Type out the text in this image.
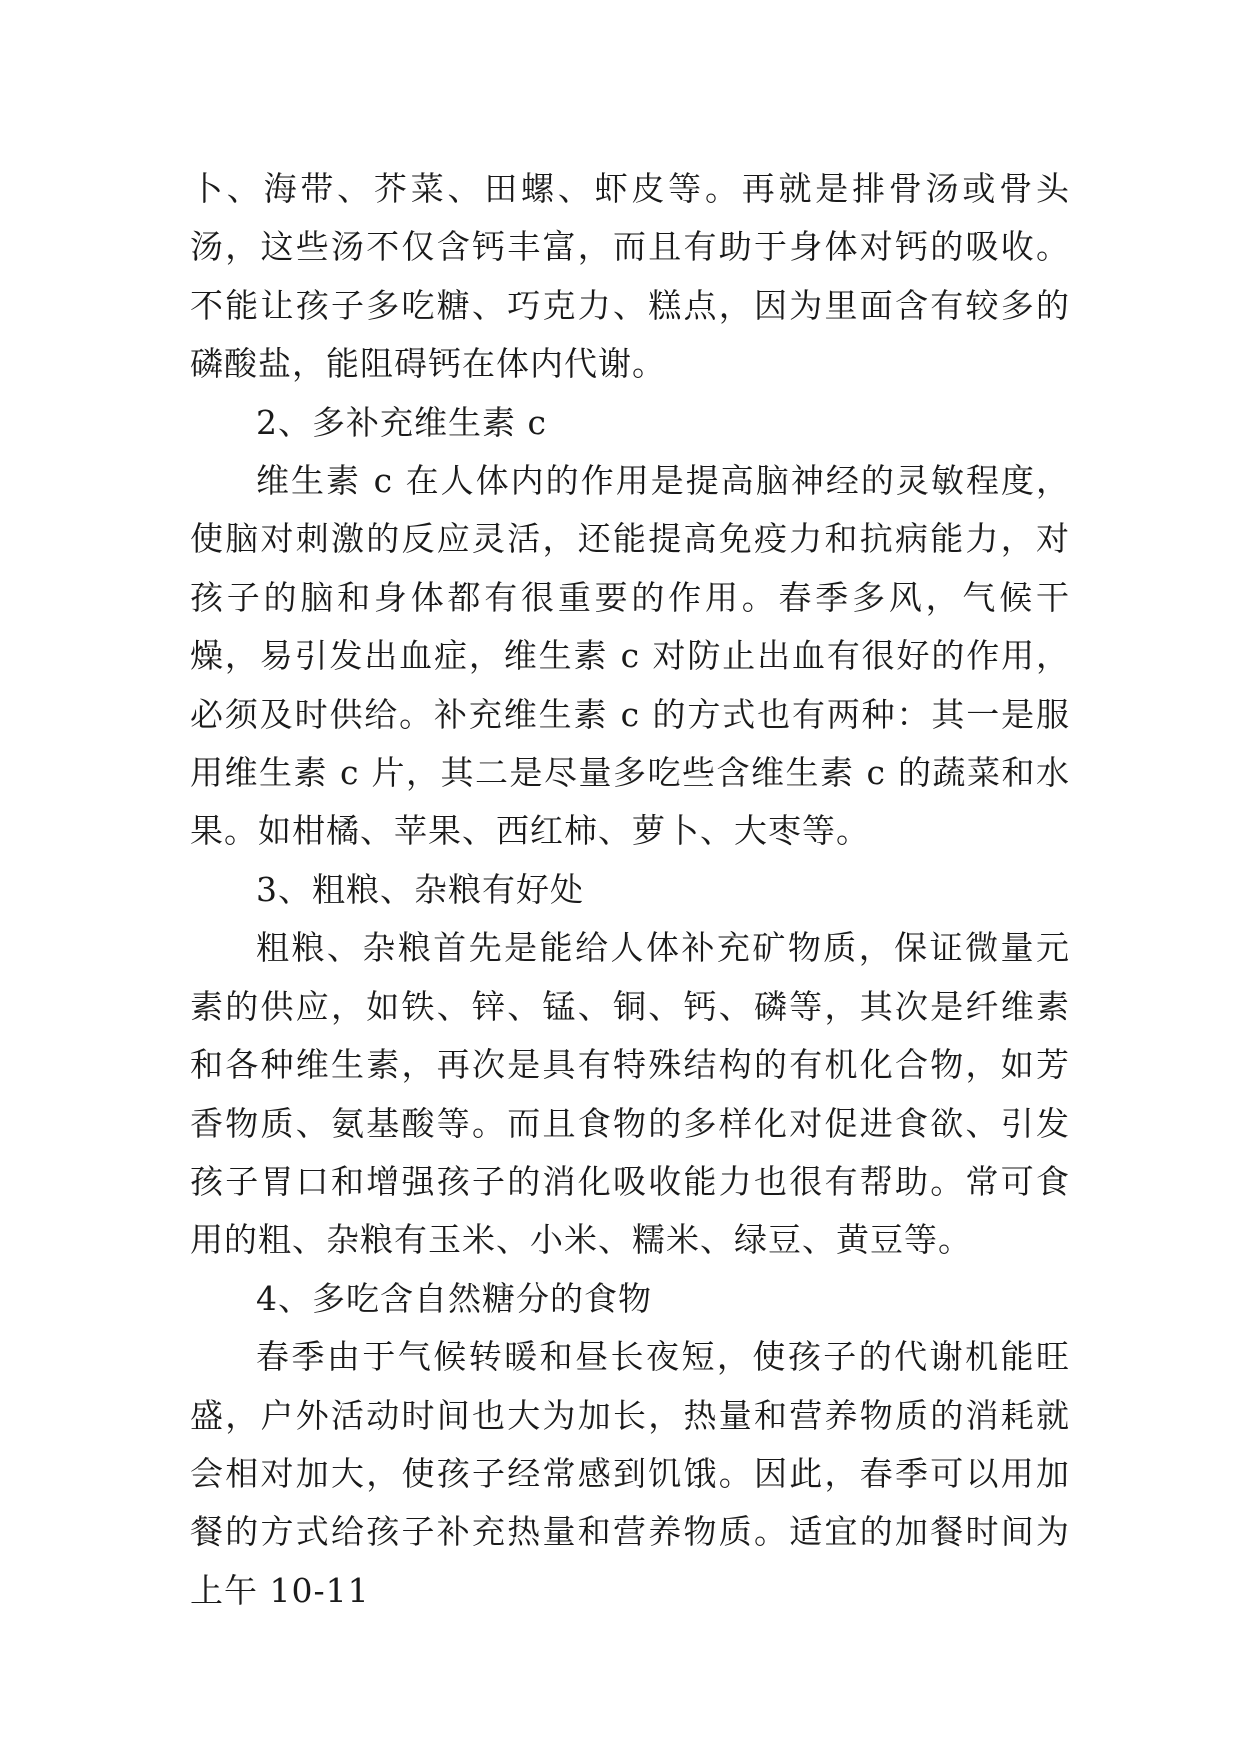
卜、海带、芥菜、田螺、虾皮等。再就是排骨汤或骨头汤，这些汤不仅含钙丰富，而且有助于身体对钙的吸收。不能让孩子多吃糖、巧克力、糕点，因为里面含有较多的磷酸盐，能阻碍钙在体内代谢。

2、多补充维生素 c

维生素 c 在人体内的作用是提高脑神经的灵敏程度，使脑对刺激的反应灵活，还能提高免疫力和抗病能力，对孩子的脑和身体都有很重要的作用。春季多风，气候干燥，易引发出血症，维生素 c 对防止出血有很好的作用，必须及时供给。补充维生素 c 的方式也有两种：其一是服用维生素 c 片，其二是尽量多吃些含维生素 c 的蔬菜和水果。如柑橘、苹果、西红柿、萝卜、大枣等。

3、粗粮、杂粮有好处

粗粮、杂粮首先是能给人体补充矿物质，保证微量元素的供应，如铁、锌、锰、铜、钙、磷等，其次是纤维素和各种维生素，再次是具有特殊结构的有机化合物，如芳香物质、氨基酸等。而且食物的多样化对促进食欲、引发孩子胃口和增强孩子的消化吸收能力也很有帮助。常可食用的粗、杂粮有玉米、小米、糯米、绿豆、黄豆等。

4、多吃含自然糖分的食物

春季由于气候转暖和昼长夜短，使孩子的代谢机能旺盛，户外活动时间也大为加长，热量和营养物质的消耗就会相对加大，使孩子经常感到饥饿。因此，春季可以用加餐的方式给孩子补充热量和营养物质。适宜的加餐时间为上午 10-11
